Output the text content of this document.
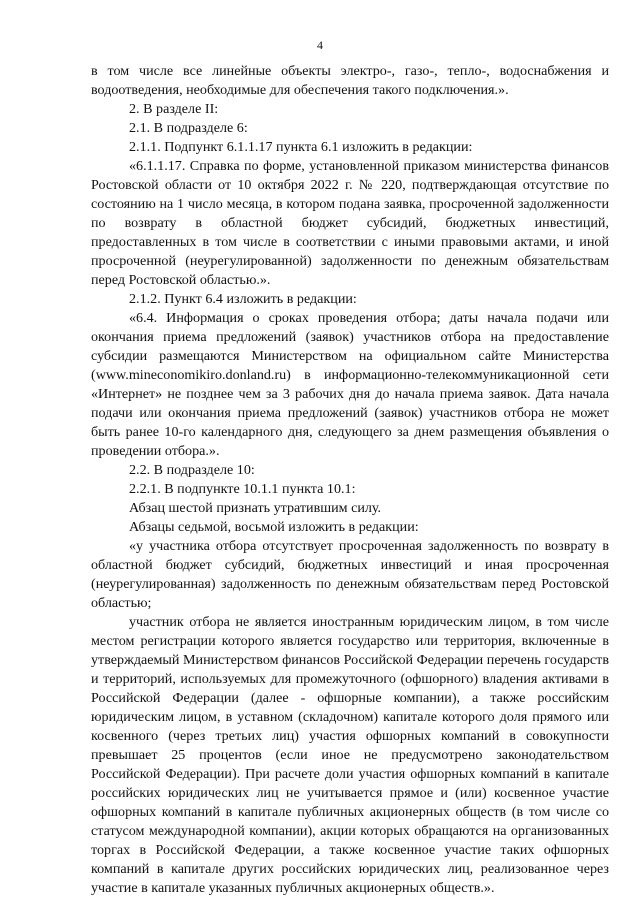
4

в том числе все линейные объекты электро-, газо-, тепло-, водоснабжения и водоотведения, необходимые для обеспечения такого подключения.».

2. В разделе II:

2.1. В подразделе 6:

2.1.1. Подпункт 6.1.1.17 пункта 6.1 изложить в редакции:

«6.1.1.17. Справка по форме, установленной приказом министерства финансов Ростовской области от 10 октября 2022 г. № 220, подтверждающая отсутствие по состоянию на 1 число месяца, в котором подана заявка, просроченной задолженности по возврату в областной бюджет субсидий, бюджетных инвестиций, предоставленных в том числе в соответствии с иными правовыми актами, и иной просроченной (неурегулированной) задолженности по денежным обязательствам перед Ростовской областью.».

2.1.2. Пункт 6.4 изложить в редакции:

«6.4. Информация о сроках проведения отбора; даты начала подачи или окончания приема предложений (заявок) участников отбора на предоставление субсидии размещаются Министерством на официальном сайте Министерства (www.mineconomikiro.donland.ru) в информационно-телекоммуникационной сети «Интернет» не позднее чем за 3 рабочих дня до начала приема заявок. Дата начала подачи или окончания приема предложений (заявок) участников отбора не может быть ранее 10-го календарного дня, следующего за днем размещения объявления о проведении отбора.».

2.2. В подразделе 10:

2.2.1. В подпункте 10.1.1 пункта 10.1:

Абзац шестой признать утратившим силу.

Абзацы седьмой, восьмой изложить в редакции:

«у участника отбора отсутствует просроченная задолженность по возврату в областной бюджет субсидий, бюджетных инвестиций и иная просроченная (неурегулированная) задолженность по денежным обязательствам перед Ростовской областью;

участник отбора не является иностранным юридическим лицом, в том числе местом регистрации которого является государство или территория, включенные в утверждаемый Министерством финансов Российской Федерации перечень государств и территорий, используемых для промежуточного (офшорного) владения активами в Российской Федерации (далее - офшорные компании), а также российским юридическим лицом, в уставном (складочном) капитале которого доля прямого или косвенного (через третьих лиц) участия офшорных компаний в совокупности превышает 25 процентов (если иное не предусмотрено законодательством Российской Федерации). При расчете доли участия офшорных компаний в капитале российских юридических лиц не учитывается прямое и (или) косвенное участие офшорных компаний в капитале публичных акционерных обществ (в том числе со статусом международной компании), акции которых обращаются на организованных торгах в Российской Федерации, а также косвенное участие таких офшорных компаний в капитале других российских юридических лиц, реализованное через участие в капитале указанных публичных акционерных обществ.».
